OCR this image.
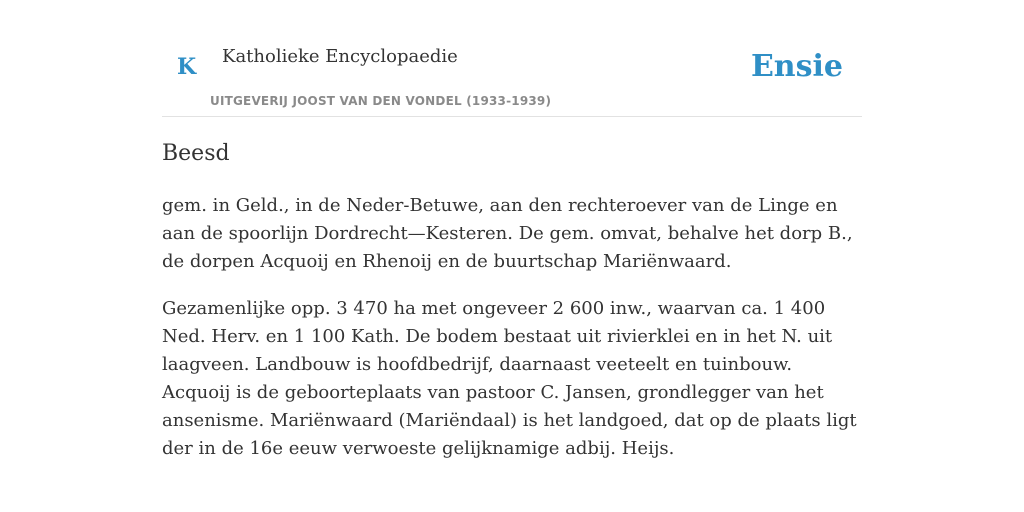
K Katholieke Encyclopaedie
UITGEVERIJ JOOST VAN DEN VONDEL (1933-1939)
Ensie
Beesd

gem. in Geld., in de Neder-Betuwe, aan den rechteroever van de Linge en aan de spoorlijn Dordrecht—Kesteren. De gem. omvat, behalve het dorp B., de dorpen Acquoij en Rhenoij en de buurtschap Mariënwaard.

Gezamenlijke opp. 3 470 ha met ongeveer 2 600 inw., waarvan ca. 1 400 Ned. Herv. en 1 100 Kath. De bodem bestaat uit rivierklei en in het N. uit laagveen. Landbouw is hoofdbedrijf, daarnaast veeteelt en tuinbouw. Acquoij is de geboorteplaats van pastoor C. Jansen, grondlegger van het ansenisme. Mariënwaard (Mariëndaal) is het landgoed, dat op de plaats ligt der in de 16e eeuw verwoeste gelijknamige adbij. Heijs.
